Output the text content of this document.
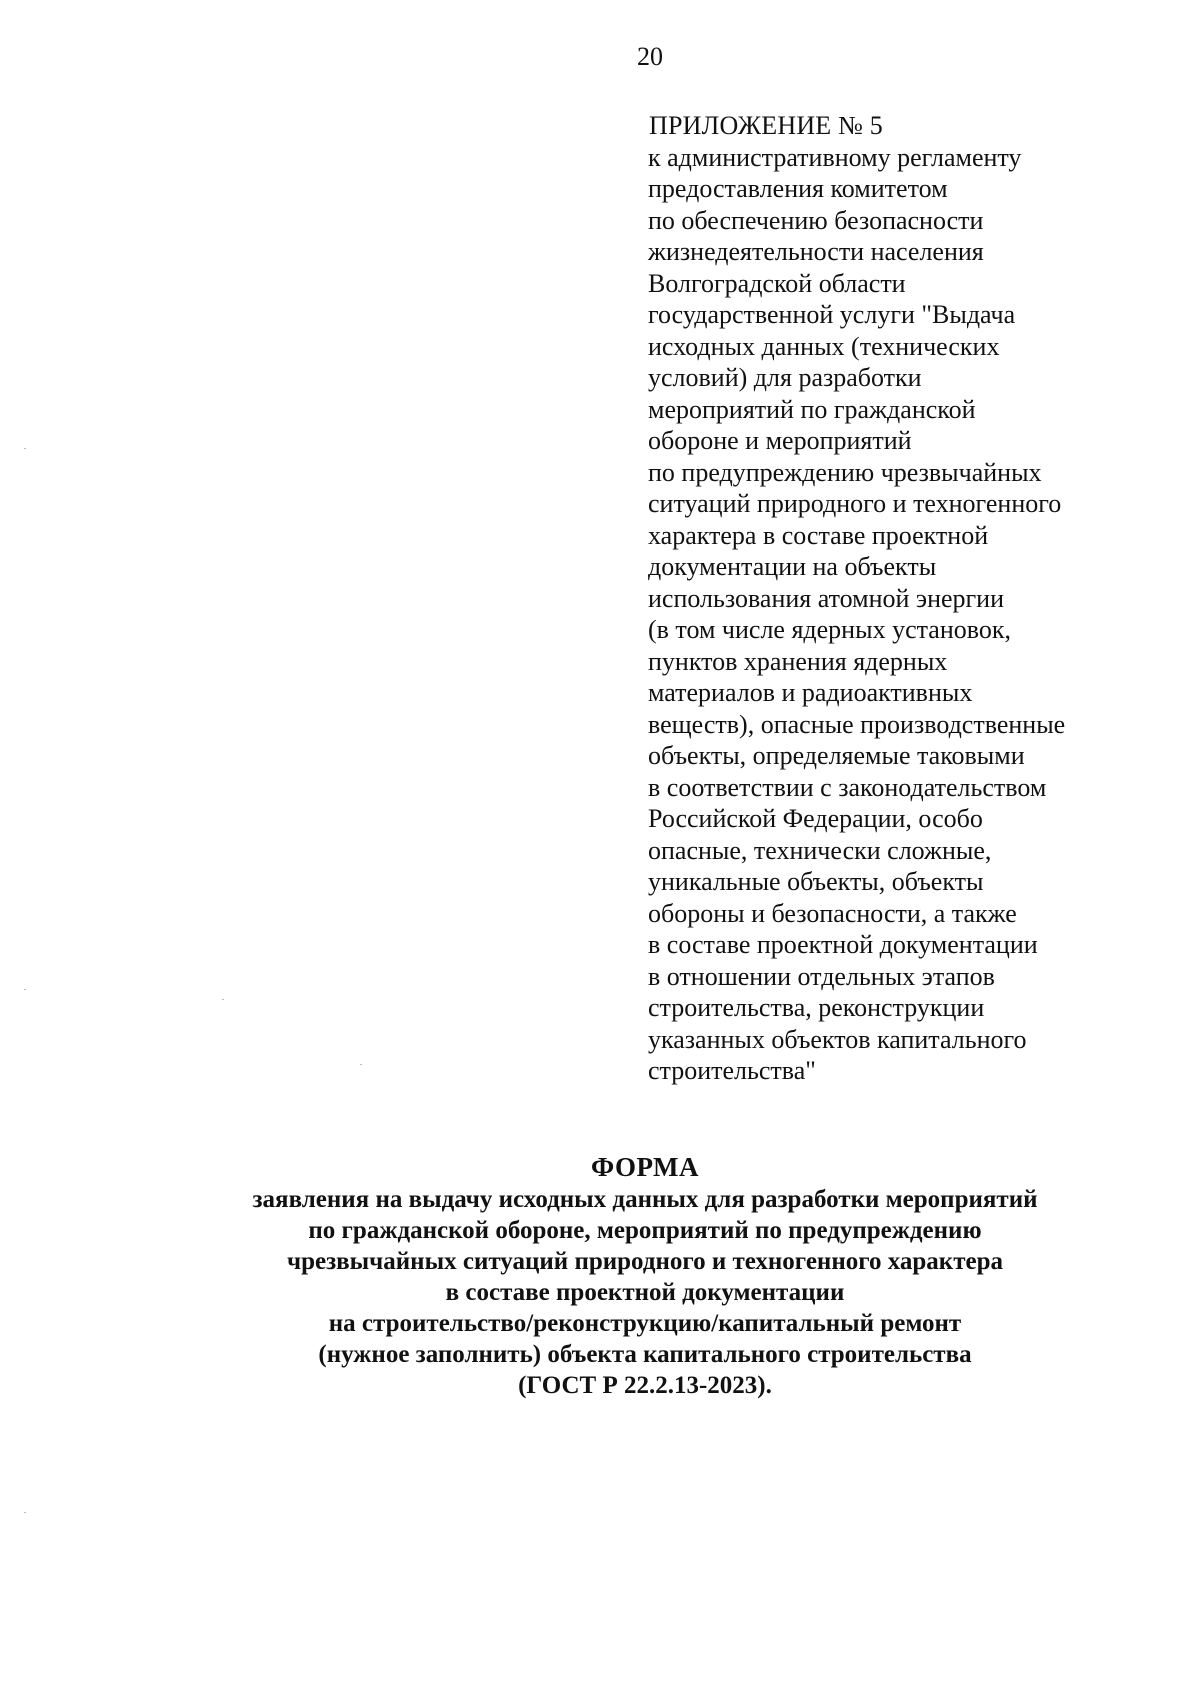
20
ПРИЛОЖЕНИЕ № 5
к административному регламенту
предоставления комитетом
по обеспечению безопасности
жизнедеятельности населения
Волгоградской области
государственной услуги "Выдача
исходных данных (технических
условий) для разработки
мероприятий по гражданской
обороне и мероприятий
по предупреждению чрезвычайных
ситуаций природного и техногенного
характера в составе проектной
документации на объекты
использования атомной энергии
(в том числе ядерных установок,
пунктов хранения ядерных
материалов и радиоактивных
веществ), опасные производственные
объекты, определяемые таковыми
в соответствии с законодательством
Российской Федерации, особо
опасные, технически сложные,
уникальные объекты, объекты
обороны и безопасности, а также
в составе проектной документации
в отношении отдельных этапов
строительства, реконструкции
указанных объектов капитального
строительства"
ФОРМА
заявления на выдачу исходных данных для разработки мероприятий
по гражданской обороне, мероприятий по предупреждению
чрезвычайных ситуаций природного и техногенного характера
в составе проектной документации
на строительство/реконструкцию/капитальный ремонт
(нужное заполнить) объекта капитального строительства
(ГОСТ Р 22.2.13-2023).
